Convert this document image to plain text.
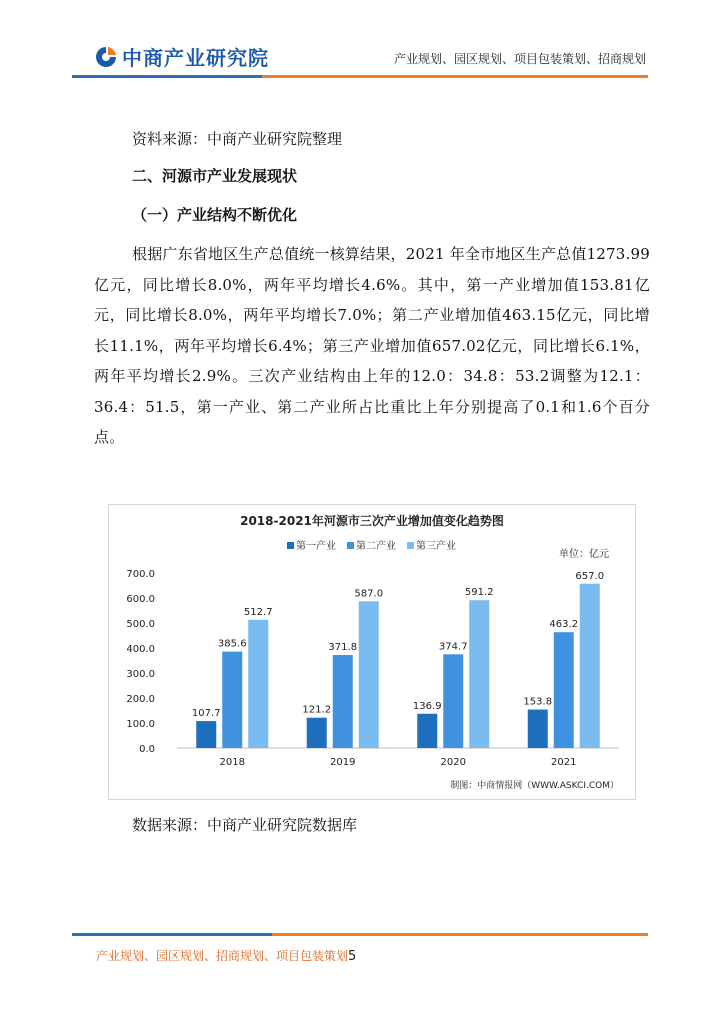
中商产业研究院	产业规划、园区规划、项目包装策划、招商规划
资料来源：中商产业研究院整理
二、河源市产业发展现状
（一）产业结构不断优化
根据广东省地区生产总值统一核算结果，2021 年全市地区生产总值1273.99亿元，同比增长8.0%，两年平均增长4.6%。其中，第一产业增加值153.81亿元，同比增长8.0%，两年平均增长7.0%；第二产业增加值463.15亿元，同比增长11.1%，两年平均增长6.4%；第三产业增加值657.02亿元，同比增长6.1%，两年平均增长2.9%。三次产业结构由上年的12.0：34.8：53.2调整为12.1：36.4：51.5，第一产业、第二产业所占比重比上年分别提高了0.1和1.6个百分点。
2018-2021年河源市三次产业增加值变化趋势图
单位：亿元
制图：中商情报网（WWW.ASKCI.COM）
第一产业 第二产业 第三产业
0.0
100.0
200.0
300.0
400.0
500.0
600.0
700.0
107.7
385.6
512.7
121.2
371.8
587.0
136.9
374.7
591.2
153.8
463.2
657.0
2018	2019	2020	2021
数据来源：中商产业研究院数据库
产业规划、园区规划、招商规划、项目包装策划5
